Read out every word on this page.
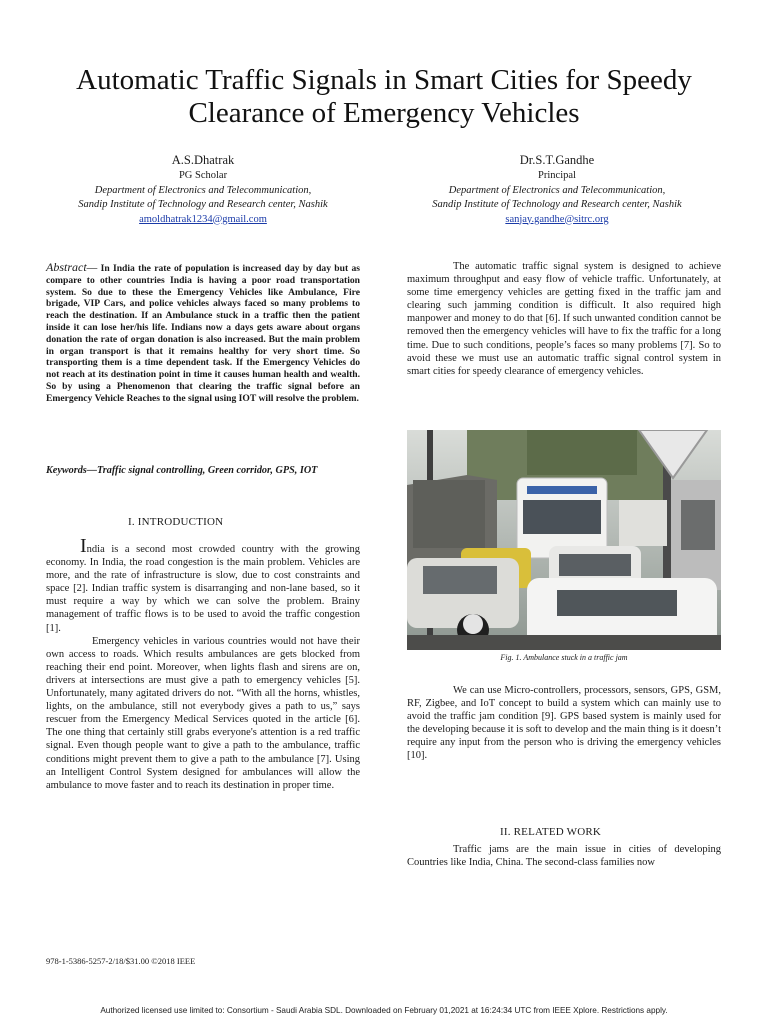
Automatic Traffic Signals in Smart Cities for Speedy Clearance of Emergency Vehicles
A.S.Dhatrak
PG Scholar
Department of Electronics and Telecommunication,
Sandip Institute of Technology and Research center, Nashik
amoldhatrak1234@gmail.com
Dr.S.T.Gandhe
Principal
Department of Electronics and Telecommunication,
Sandip Institute of Technology and Research center, Nashik
sanjay.gandhe@sitrc.org
Abstract— In India the rate of population is increased day by day but as compare to other countries India is having a poor road transportation system. So due to these the Emergency Vehicles like Ambulance, Fire brigade, VIP Cars, and police vehicles always faced so many problems to reach the destination. If an Ambulance stuck in a traffic then the patient inside it can lose her/his life. Indians now a days gets aware about organs donation the rate of organ donation is also increased. But the main problem in organ transport is that it remains healthy for very short time. So transporting them is a time dependent task. If the Emergency Vehicles do not reach at its destination point in time it causes human health and wealth. So by using a Phenomenon that clearing the traffic signal before an Emergency Vehicle Reaches to the signal using IOT will resolve the problem.
Keywords—Traffic signal controlling, Green corridor, GPS, IOT
I. INTRODUCTION

India is a second most crowded country with the growing economy. In India, the road congestion is the main problem. Vehicles are more, and the rate of infrastructure is slow, due to cost constraints and space [2]. Indian traffic system is disarranging and non-lane based, so it must require a way by which we can solve the problem. Brainy management of traffic flows is to be used to avoid the traffic congestion [1].

Emergency vehicles in various countries would not have their own access to roads. Which results ambulances are gets blocked from reaching their end point. Moreover, when lights flash and sirens are on, drivers at intersections are must give a path to emergency vehicles [5]. Unfortunately, many agitated drivers do not. “With all the horns, whistles, lights, on the ambulance, still not everybody gives a path to us,” says rescuer from the Emergency Medical Services quoted in the article [6]. The one thing that certainly still grabs everyone's attention is a red traffic signal. Even though people want to give a path to the ambulance, traffic conditions might prevent them to give a path to the ambulance [7]. Using an Intelligent Control System designed for ambulances will allow the ambulance to move faster and to reach its destination in proper time.

The automatic traffic signal system is designed to achieve maximum throughput and easy flow of vehicle traffic. Unfortunately, at some time emergency vehicles are getting fixed in the traffic jam and clearing such jamming condition is difficult. It also required high manpower and money to do that [6]. If such unwanted condition cannot be removed then the emergency vehicles will have to fix the traffic for a long time. Due to such conditions, people’s faces so many problems [7]. So to avoid these we must use an automatic traffic signal control system in smart cities for speedy clearance of emergency vehicles.

Fig. 1. Ambulance stuck in a traffic jam

We can use Micro-controllers, processors, sensors, GPS, GSM, RF, Zigbee, and IoT concept to build a system which can mainly use to avoid the traffic jam condition [9]. GPS based system is mainly used for the developing because it is soft to develop and the main thing is it doesn’t require any input from the person who is driving the emergency vehicles [10].

II. RELATED WORK

Traffic jams are the main issue in cities of developing Countries like India, China. The second-class families now

978-1-5386-5257-2/18/$31.00 ©2018 IEEE
Authorized licensed use limited to: Consortium - Saudi Arabia SDL. Downloaded on February 01,2021 at 16:24:34 UTC from IEEE Xplore. Restrictions apply.
